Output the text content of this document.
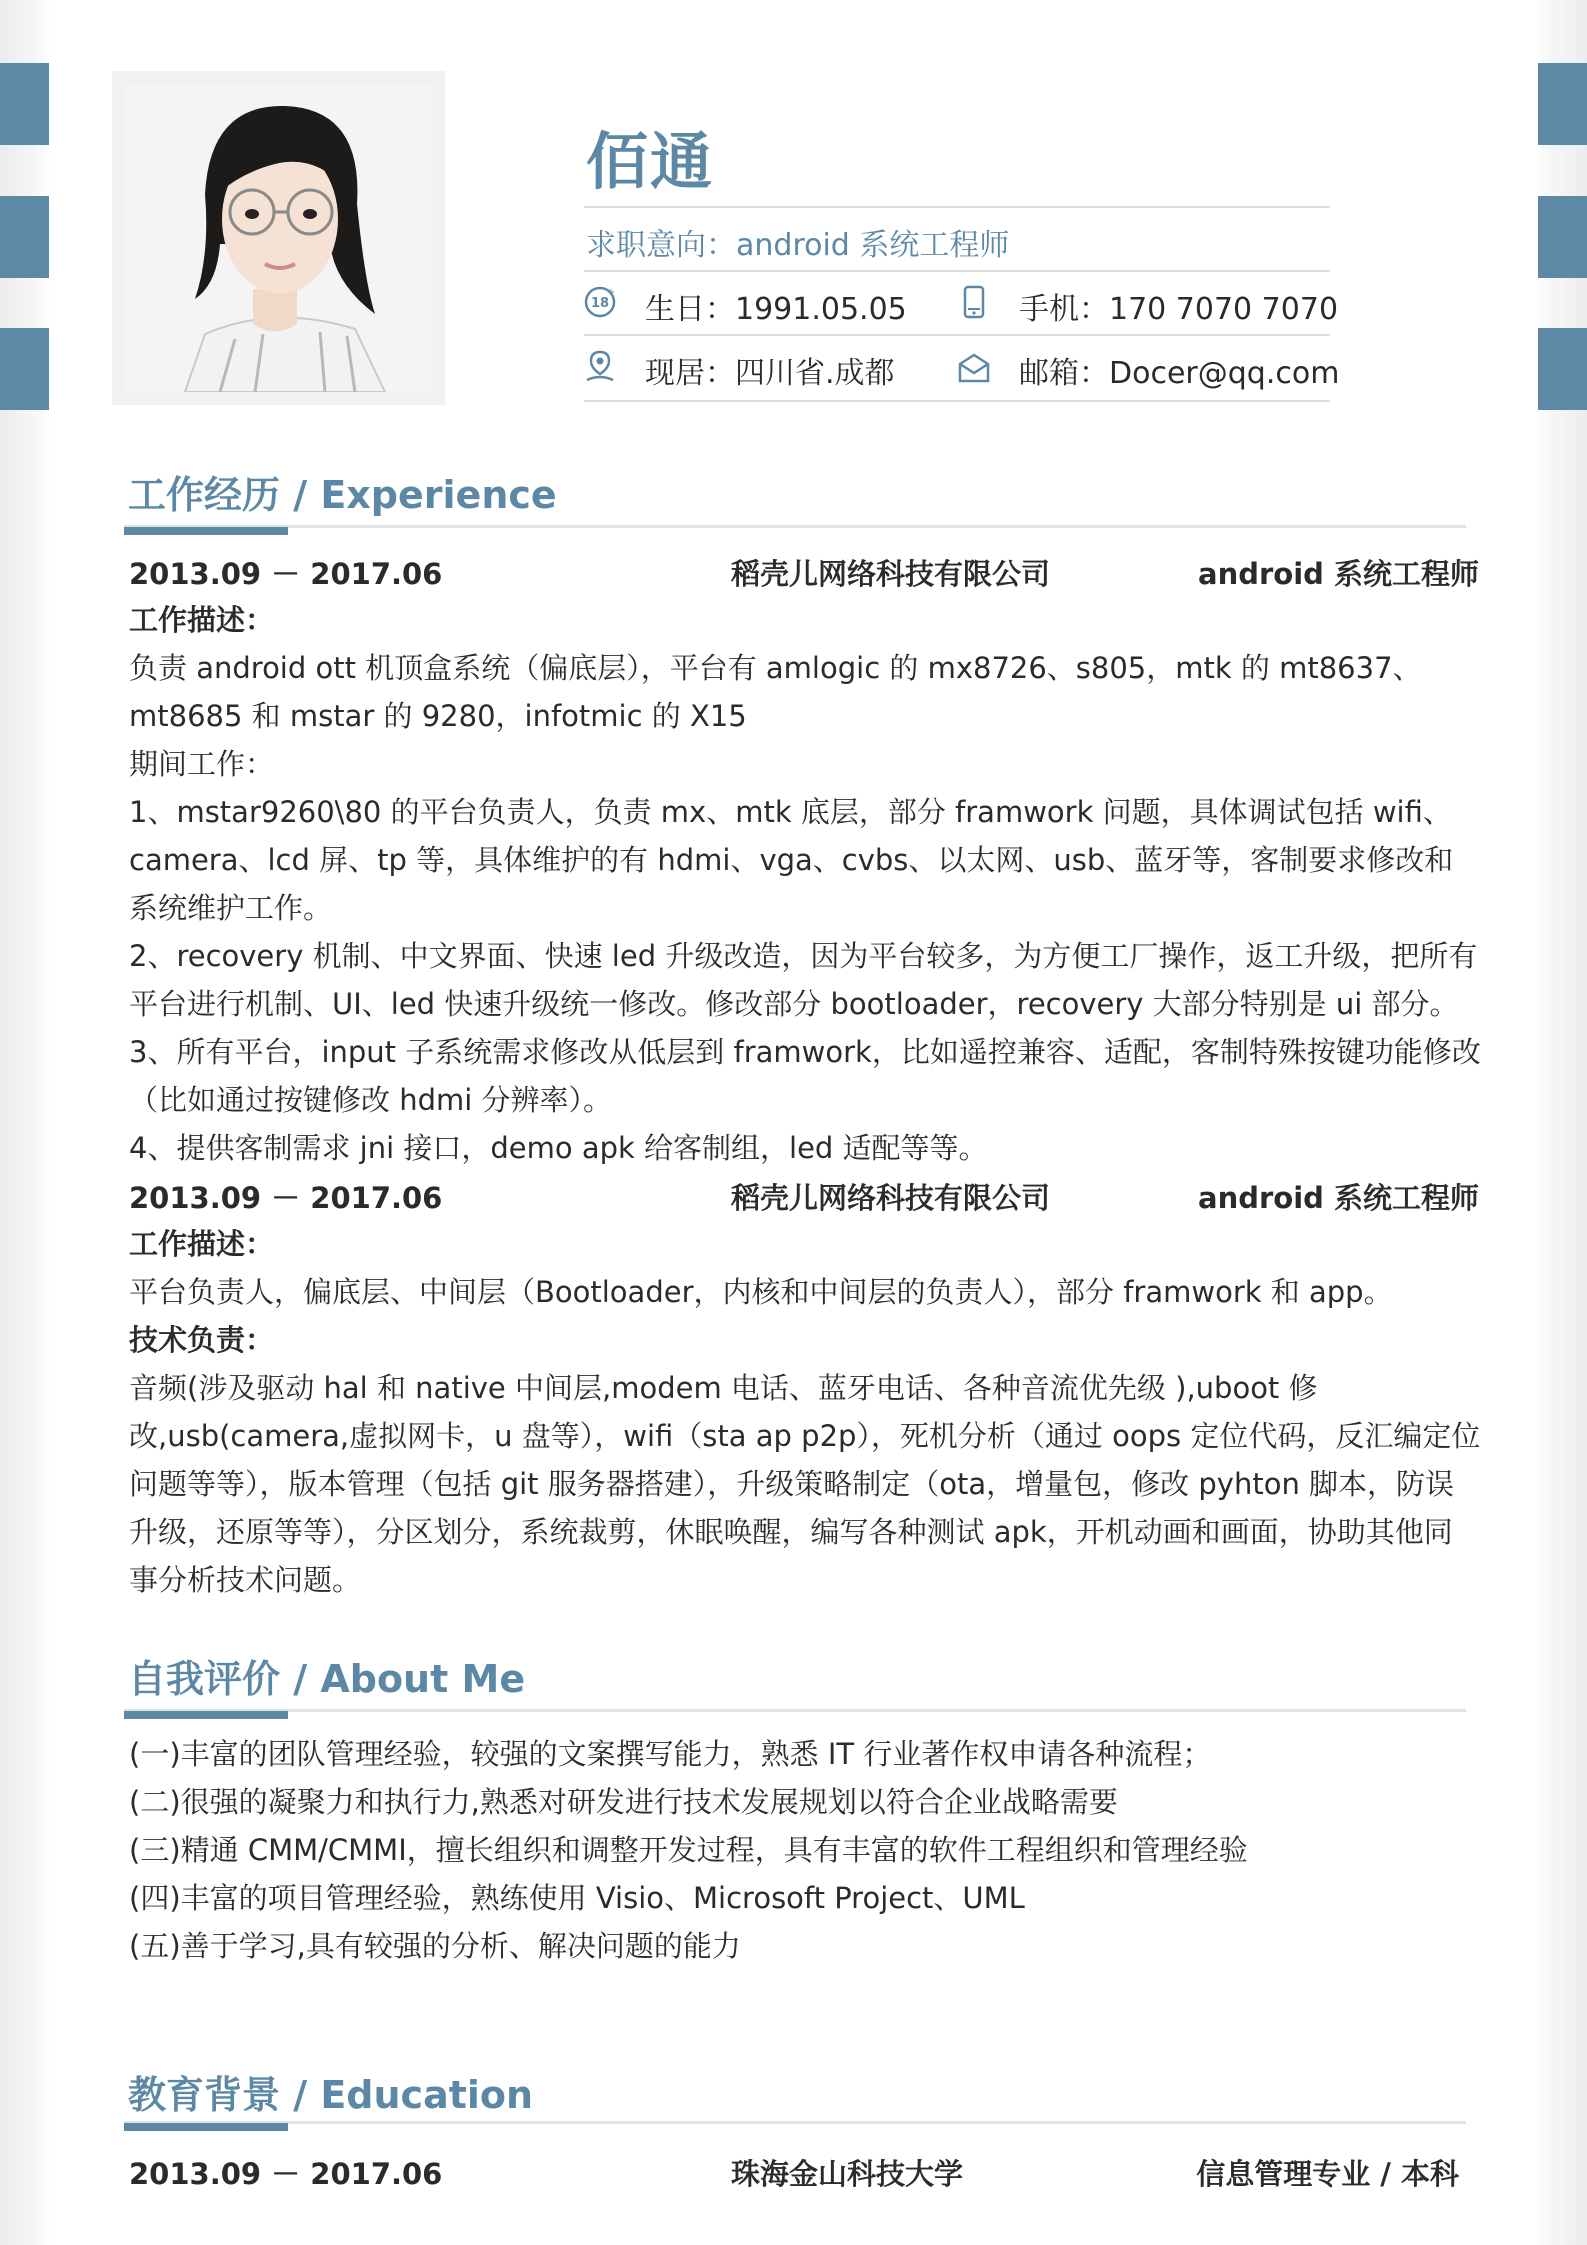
佰通
求职意向：android 系统工程师
18
+ 生日：1991.05.05	手机：170 7070 7070
现居：四川省.成都	邮箱：Docer@qq.com
工作经历 / Experience
2013.09 － 2017.06	稻壳儿网络科技有限公司	android 系统工程师

工作描述：

负责 android ott 机顶盒系统（偏底层），平台有 amlogic 的 mx8726、s805，mtk 的 mt8637、mt8685 和 mstar 的 9280，infotmic 的 X15

期间工作：

1、mstar9260\80 的平台负责人，负责 mx、mtk 底层，部分 framwork 问题，具体调试包括 wifi、camera、lcd 屏、tp 等，具体维护的有 hdmi、vga、cvbs、以太网、usb、蓝牙等，客制要求修改和系统维护工作。

2、recovery 机制、中文界面、快速 led 升级改造，因为平台较多，为方便工厂操作，返工升级，把所有平台进行机制、UI、led 快速升级统一修改。修改部分 bootloader，recovery 大部分特别是 ui 部分。

3、所有平台，input 子系统需求修改从低层到 framwork，比如遥控兼容、适配，客制特殊按键功能修改（比如通过按键修改 hdmi 分辨率）。

4、提供客制需求 jni 接口，demo apk 给客制组，led 适配等等。

2013.09 － 2017.06	稻壳儿网络科技有限公司	android 系统工程师

工作描述：

平台负责人，偏底层、中间层（Bootloader，内核和中间层的负责人），部分 framwork 和 app。

技术负责：

音频(涉及驱动 hal 和 native 中间层,modem 电话、蓝牙电话、各种音流优先级 ),uboot 修改,usb(camera,虚拟网卡，u 盘等），wifi（sta ap p2p），死机分析（通过 oops 定位代码，反汇编定位问题等等），版本管理（包括 git 服务器搭建），升级策略制定（ota，增量包，修改 pyhton 脚本，防误升级，还原等等），分区划分，系统裁剪，休眠唤醒，编写各种测试 apk，开机动画和画面，协助其他同事分析技术问题。

自我评价 / About Me

(一)丰富的团队管理经验，较强的文案撰写能力，熟悉 IT 行业著作权申请各种流程；

(二)很强的凝聚力和执行力,熟悉对研发进行技术发展规划以符合企业战略需要

(三)精通 CMM/CMMI，擅长组织和调整开发过程，具有丰富的软件工程组织和管理经验

(四)丰富的项目管理经验，熟练使用 Visio、Microsoft Project、UML

(五)善于学习,具有较强的分析、解决问题的能力

教育背景 / Education
2013.09 － 2017.06	珠海金山科技大学	信息管理专业 / 本科
